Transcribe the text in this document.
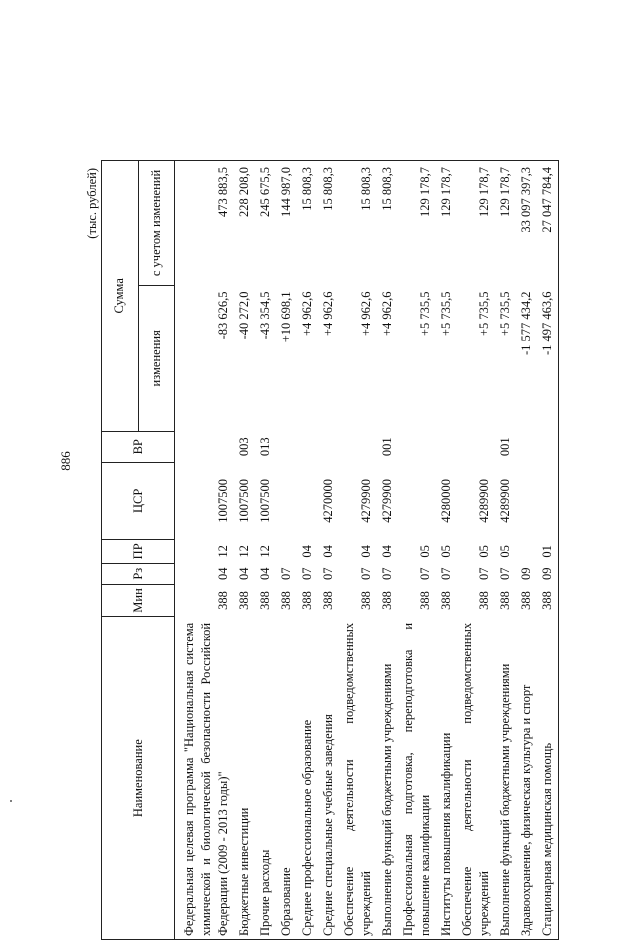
886
(тыс. рублей)
Наименование	Мин	Рз	ПР	ЦСР	ВР	Сумма	
						изменения	с учетом изменений
Федеральная целевая программа "Национальная система химической и биологической безопасности Российской Федерации (2009 - 2013 годы)"	388	04	12	1007500		-83 626,5	473 883,5
Бюджетные инвестиции	388	04	12	1007500	003	-40 272,0	228 208,0
Прочие расходы	388	04	12	1007500	013	-43 354,5	245 675,5
Образование	388	07				+10 698,1	144 987,0
Среднее профессиональное образование	388	07	04			+4 962,6	15 808,3
Средние специальные учебные заведения	388	07	04	4270000		+4 962,6	15 808,3
Обеспечение деятельности подведомственных учреждений	388	07	04	4279900		+4 962,6	15 808,3
Выполнение функций бюджетными учреждениями	388	07	04	4279900	001	+4 962,6	15 808,3
Профессиональная подготовка, переподготовка и повышение квалификации	388	07	05			+5 735,5	129 178,7
Институты повышения квалификации	388	07	05	4280000		+5 735,5	129 178,7
Обеспечение деятельности подведомственных учреждений	388	07	05	4289900		+5 735,5	129 178,7
Выполнение функций бюджетными учреждениями	388	07	05	4289900	001	+5 735,5	129 178,7
Здравоохранение, физическая культура и спорт	388	09				-1 577 434,2	33 097 397,3
Стационарная медицинская помощь	388	09	01			-1 497 463,6	27 047 784,4
